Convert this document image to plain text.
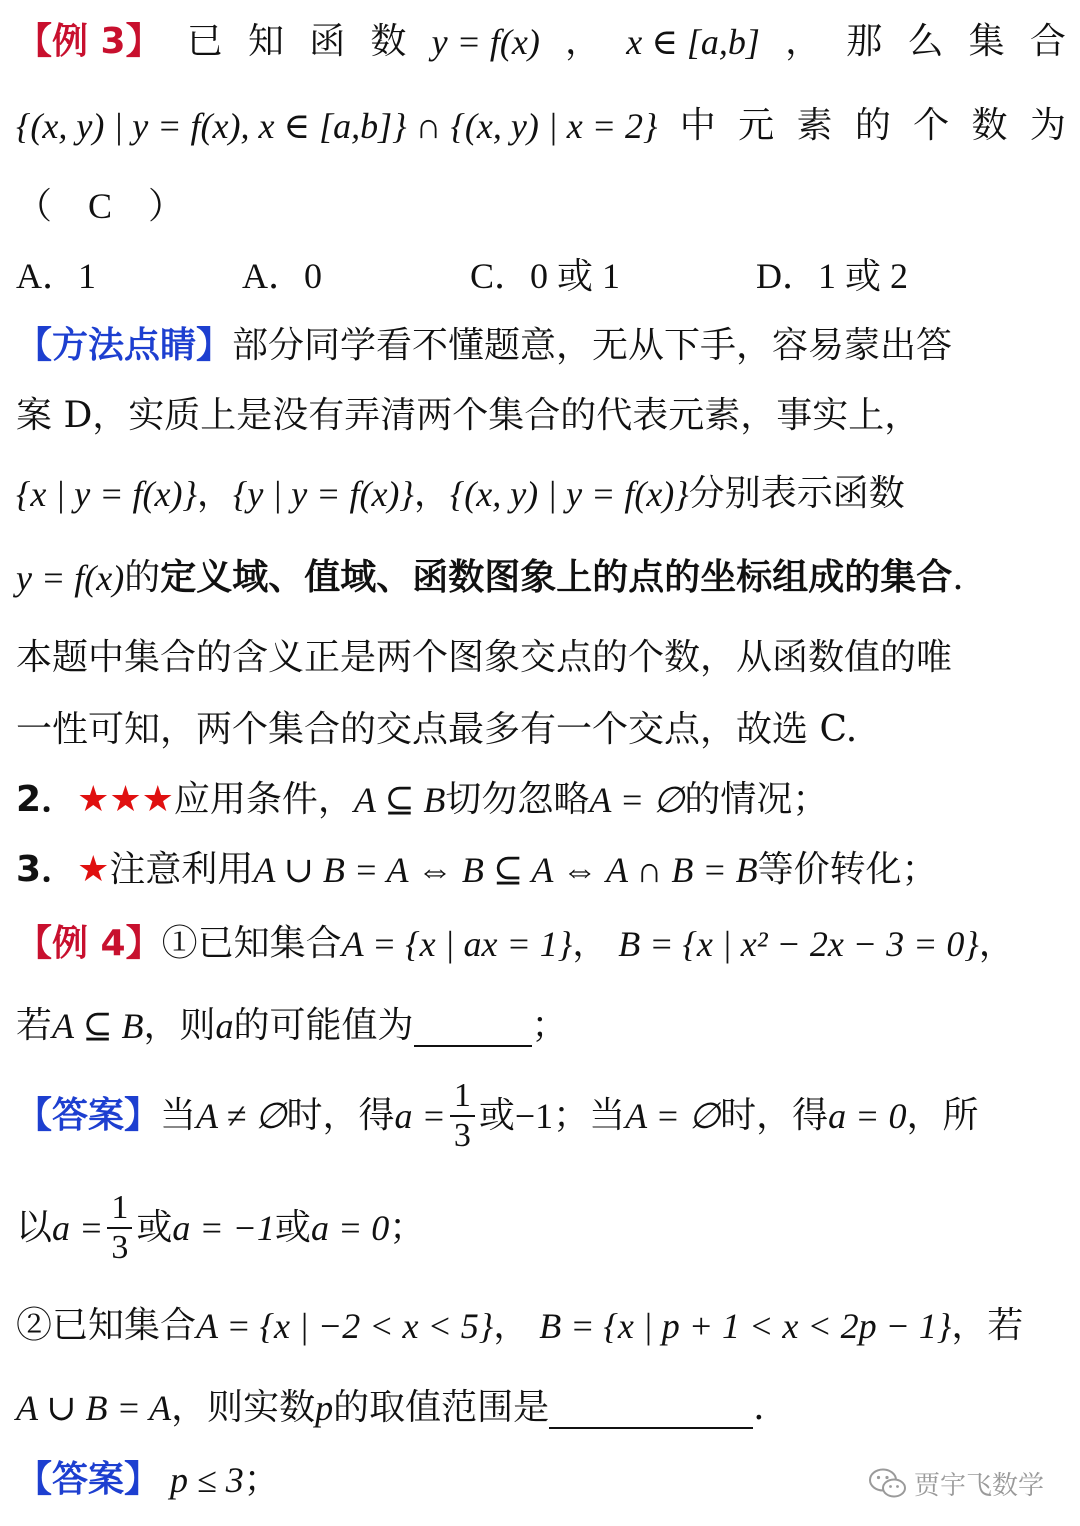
【例 3】 已 知 函 数 y = f(x) ， x ∈ [a,b] ， 那 么 集 合
{(x, y) | y = f(x), x ∈ [a,b]} ∩ {(x, y) | x = 2} 中 元 素 的 个 数 为
（　C　）
A．1	A．0	C．0 或 1	D．1 或 2
【方法点睛】 部分同学看不懂题意，无从下手，容易蒙出答
案 D，实质上是没有弄清两个集合的代表元素，事实上，
{x | y = f(x)} ， {y | y = f(x)} ， {(x, y) | y = f(x)} 分别表示函数
y = f(x) 的 定义域、值域、函数图象上的点的坐标组成的集合 .
本题中集合的含义正是两个图象交点的个数，从函数值的唯
一性可知，两个集合的交点最多有一个交点，故选 C.
2． ★★★ 应用条件， A ⊆ B 切勿忽略 A = ∅ 的情况；
3． ★ 注意利用 A ∪ B = A ⇔ B ⊆ A ⇔ A ∩ B = B 等价转化；
【例 4】 ①已知集合 A = {x | ax = 1} ， B = {x | x² − 2x − 3 = 0} ，
若 A ⊆ B ，则 a 的可能值为	；
【答案】 当 A ≠ ∅ 时，得 $a = \frac{1}{3}$ 或 −1 ；当 A = ∅ 时，得 a = 0 ，所
以 $a = \frac{1}{3}$ 或 a = −1 或 a = 0 ；
②已知集合 A = {x | −2 < x < 5} ， B = {x | p + 1 < x < 2p − 1} ，若
A ∪ B = A ，则实数 p 的取值范围是	.
【答案】 p ≤ 3 ；	贾宇飞数学
